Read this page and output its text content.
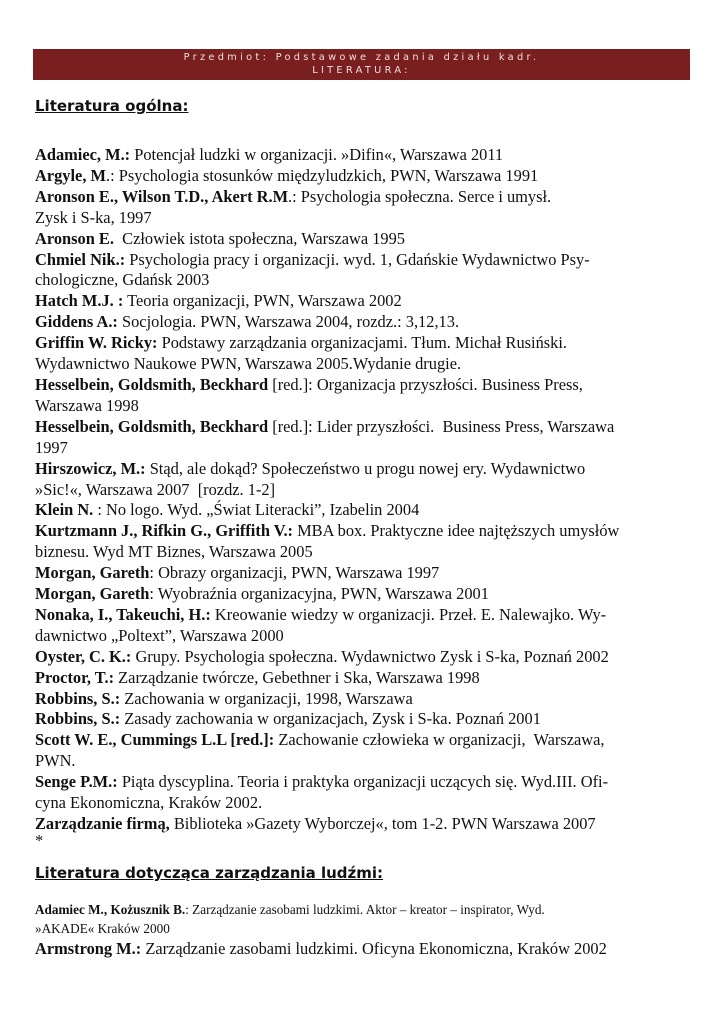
Przedmiot: Podstawowe zadania działu kadr.
LITERATURA:
Literatura ogólna:
Adamiec, M.: Potencjał ludzki w organizacji. »Difin«, Warszawa 2011
Argyle, M.: Psychologia stosunków międzyludzkich, PWN, Warszawa 1991
Aronson E., Wilson T.D., Akert R.M.: Psychologia społeczna. Serce i umysł.
Zysk i S-ka, 1997
Aronson E.  Człowiek istota społeczna, Warszawa 1995
Chmiel Nik.: Psychologia pracy i organizacji. wyd. 1, Gdańskie Wydawnictwo Psy-
chologiczne, Gdańsk 2003
Hatch M.J. : Teoria organizacji, PWN, Warszawa 2002
Giddens A.: Socjologia. PWN, Warszawa 2004, rozdz.: 3,12,13.
Griffin W. Ricky: Podstawy zarządzania organizacjami. Tłum. Michał Rusiński.
Wydawnictwo Naukowe PWN, Warszawa 2005.Wydanie drugie.
Hesselbein, Goldsmith, Beckhard [red.]: Organizacja przyszłości. Business Press,
Warszawa 1998
Hesselbein, Goldsmith, Beckhard [red.]: Lider przyszłości.  Business Press, Warszawa
1997
Hirszowicz, M.: Stąd, ale dokąd? Społeczeństwo u progu nowej ery. Wydawnictwo
»Sic!«, Warszawa 2007  [rozdz. 1-2]
Klein N. : No logo. Wyd. „Świat Literacki”, Izabelin 2004
Kurtzmann J., Rifkin G., Griffith V.: MBA box. Praktyczne idee najtęższych umysłów
biznesu. Wyd MT Biznes, Warszawa 2005
Morgan, Gareth: Obrazy organizacji, PWN, Warszawa 1997
Morgan, Gareth: Wyobraźnia organizacyjna, PWN, Warszawa 2001
Nonaka, I., Takeuchi, H.: Kreowanie wiedzy w organizacji. Przeł. E. Nalewajko. Wy-
dawnictwo „Poltext”, Warszawa 2000
Oyster, C. K.: Grupy. Psychologia społeczna. Wydawnictwo Zysk i S-ka, Poznań 2002
Proctor, T.: Zarządzanie twórcze, Gebethner i Ska, Warszawa 1998
Robbins, S.: Zachowania w organizacji, 1998, Warszawa
Robbins, S.: Zasady zachowania w organizacjach, Zysk i S-ka. Poznań 2001
Scott W. E., Cummings L.L [red.]: Zachowanie człowieka w organizacji,  Warszawa,
PWN.
Senge P.M.: Piąta dyscyplina. Teoria i praktyka organizacji uczących się. Wyd.III. Ofi-
cyna Ekonomiczna, Kraków 2002.
Zarządzanie firmą, Biblioteka »Gazety Wyborczej«, tom 1-2. PWN Warszawa 2007
*
Literatura dotycząca zarządzania ludźmi:
Adamiec M., Kożusznik B.: Zarządzanie zasobami ludzkimi. Aktor – kreator – inspirator, Wyd.
»AKADE« Kraków 2000
Armstrong M.: Zarządzanie zasobami ludzkimi. Oficyna Ekonomiczna, Kraków 2002
